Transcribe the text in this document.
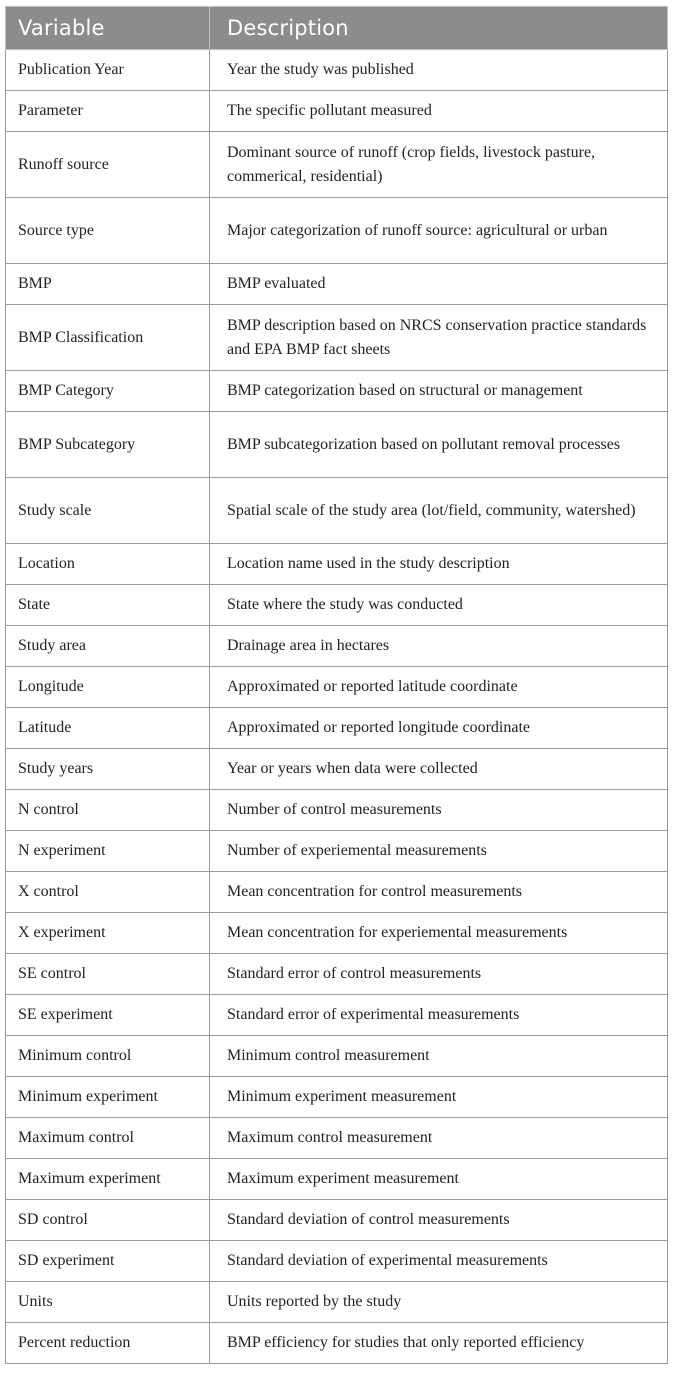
Variable	Description
Publication Year	Year the study was published
Parameter	The specific pollutant measured
Runoff source	Dominant source of runoff (crop fields, livestock pasture, commerical, residential)
Source type	Major categorization of runoff source: agricultural or urban
BMP	BMP evaluated
BMP Classification	BMP description based on NRCS conservation practice standards and EPA BMP fact sheets
BMP Category	BMP categorization based on structural or management
BMP Subcategory	BMP subcategorization based on pollutant removal processes
Study scale	Spatial scale of the study area (lot/field, community, watershed)
Location	Location name used in the study description
State	State where the study was conducted
Study area	Drainage area in hectares
Longitude	Approximated or reported latitude coordinate
Latitude	Approximated or reported longitude coordinate
Study years	Year or years when data were collected
N control	Number of control measurements
N experiment	Number of experiemental measurements
X control	Mean concentration for control measurements
X experiment	Mean concentration for experiemental measurements
SE control	Standard error of control measurements
SE experiment	Standard error of experimental measurements
Minimum control	Minimum control measurement
Minimum experiment	Minimum experiment measurement
Maximum control	Maximum control measurement
Maximum experiment	Maximum experiment measurement
SD control	Standard deviation of control measurements
SD experiment	Standard deviation of experimental measurements
Units	Units reported by the study
Percent reduction	BMP efficiency for studies that only reported efficiency
